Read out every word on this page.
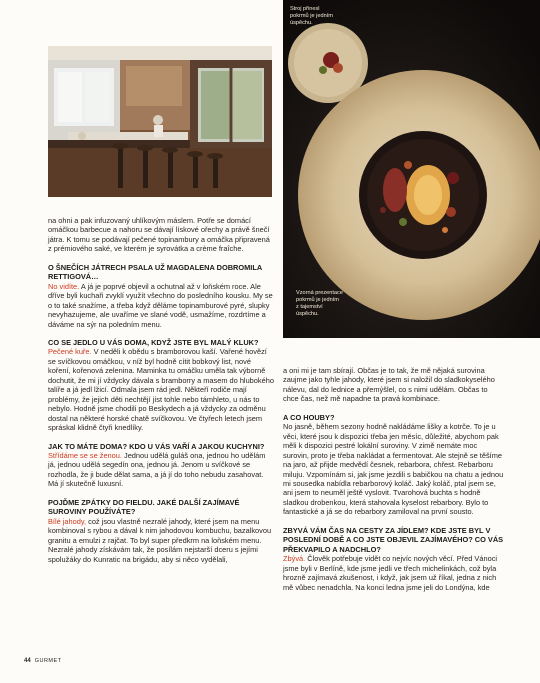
Stroj přinesl
pokrmů je jedním
úspěchu.
Vzorná prezentace
pokrmů je jedním
z tajemství
úspěchu.

na ohni a pak infuzovaný uhlíkovým máslem. Potře se domácí omáčkou barbecue a nahoru se dávají lískové ořechy a právě šnečí játra. K tomu se podávají pečené topinambury a omáčka připravená z prémiového saké, ve kterém je syrovátka a crème fraîche.

O ŠNEČÍCH JÁTRECH PSALA UŽ MAGDALENA DOBROMILA RETTIGOVÁ…

No vidíte. A já je poprvé objevil a ochutnal až v loňském roce. Ale dříve byli kuchaři zvyklí využít všechno do posledního kousku. My se o to také snažíme, a třeba když děláme topinamburové pyré, slupky nevyhazujeme, ale uvaříme ve slané vodě, usmažíme, rozdrtíme a dáváme na sýr na poledním menu.

CO SE JEDLO U VÁS DOMA, KDYŽ JSTE BYL MALÝ KLUK?

Pečené kuře. V neděli k obědu s bramborovou kaší. Vařené hovězí se svíčkovou omáčkou, v níž byl hodně cítit bobkový list, nové koření, kořenová zelenina. Maminka tu omáčku uměla tak výborně dochutit, že mi jí vždycky dávala s bramborry a masem do hlubokého talíře a já jedl lžicí. Odmala jsem rád jedl. Někteří rodiče mají problémy, že jejich děti nechtějí jíst tohle nebo támhleto, u nás to nebylo. Hodně jsme chodili po Beskydech a já vždycky za odměnu dostal na některé horské chatě svíčkovou. Ve čtyřech letech jsem spráskal klidně čtyři knedlíky.

JAK TO MÁTE DOMA? KDO U VÁS VAŘÍ A JAKOU KUCHYNI?

Střídáme se se ženou. Jednou udělá guláš ona, jednou ho udělám já, jednou udělá segedín ona, jednou já. Jenom u svíčkové se rozhodla, že ji bude dělat sama, a já jí do toho nebudu zasahovat. Má jí skutečně luxusní.

POJĎME ZPÁTKY DO FIELDU. JAKÉ DALŠÍ ZAJÍMAVÉ SUROVINY POUŽÍVÁTE?

Bílé jahody, což jsou vlastně nezralé jahody, které jsem na menu kombinoval s rybou a dával k nim jahodovou kombuchu, bazalkovou granitu a emulzi z rajčat. To byl super předkrm na loňském menu. Nezralé jahody získávám tak, že posílám nejstarší dceru s jejími spolužáky do Kunratic na brigádu, aby si něco vydělali,

a oni mi je tam sbírají. Občas je to tak, že mě nějaká surovina zaujme jako tyhle jahody, které jsem si naložil do sladkokyselého nálevu, dal do lednice a přemýšlel, co s nimi udělám. Občas to chce čas, než mě napadne ta pravá kombinace.

A CO HOUBY?

No jasně, během sezony hodně nakládáme lišky a kotrče. To je u věci, které jsou k dispozici třeba jen měsíc, důležité, abychom pak měli k dispozici pestré lokální suroviny. V zimě nemáte moc surovin, proto je třeba nakládat a fermentovat. Ale stejně se těšíme na jaro, až přijde medvědí česnek, rebarbora, chřest. Rebarboru miluju. Vzpomínám si, jak jsme jezdili s babičkou na chatu a jednou mi sousedka nabídla rebarborový koláč. Jaký koláč, ptal jsem se, ani jsem to neuměl ještě vyslovit. Tvarohová buchta s hodně sladkou drobenkou, která stahovala kyselost rebarbory. Bylo to fantastické a já se do rebarbory zamiloval na první sousto.

ZBYVÁ VÁM ČAS NA CESTY ZA JÍDLEM? KDE JSTE BYL V POSLEDNÍ DOBĚ A CO JSTE OBJEVIL ZAJÍMAVÉHO? CO VÁS PŘEKVAPILO A NADCHLO?

Zbývá. Člověk potřebuje vidět co nejvíc nových věcí. Před Vánoci jsme byli v Berlíně, kde jsme jedli ve třech michelinkách, což byla hrozně zajímavá zkušenost, i když, jak jsem už říkal, jedna z nich mě vůbec nenadchla. Na konci ledna jsme jeli do Londýna, kde

44 GURMET
